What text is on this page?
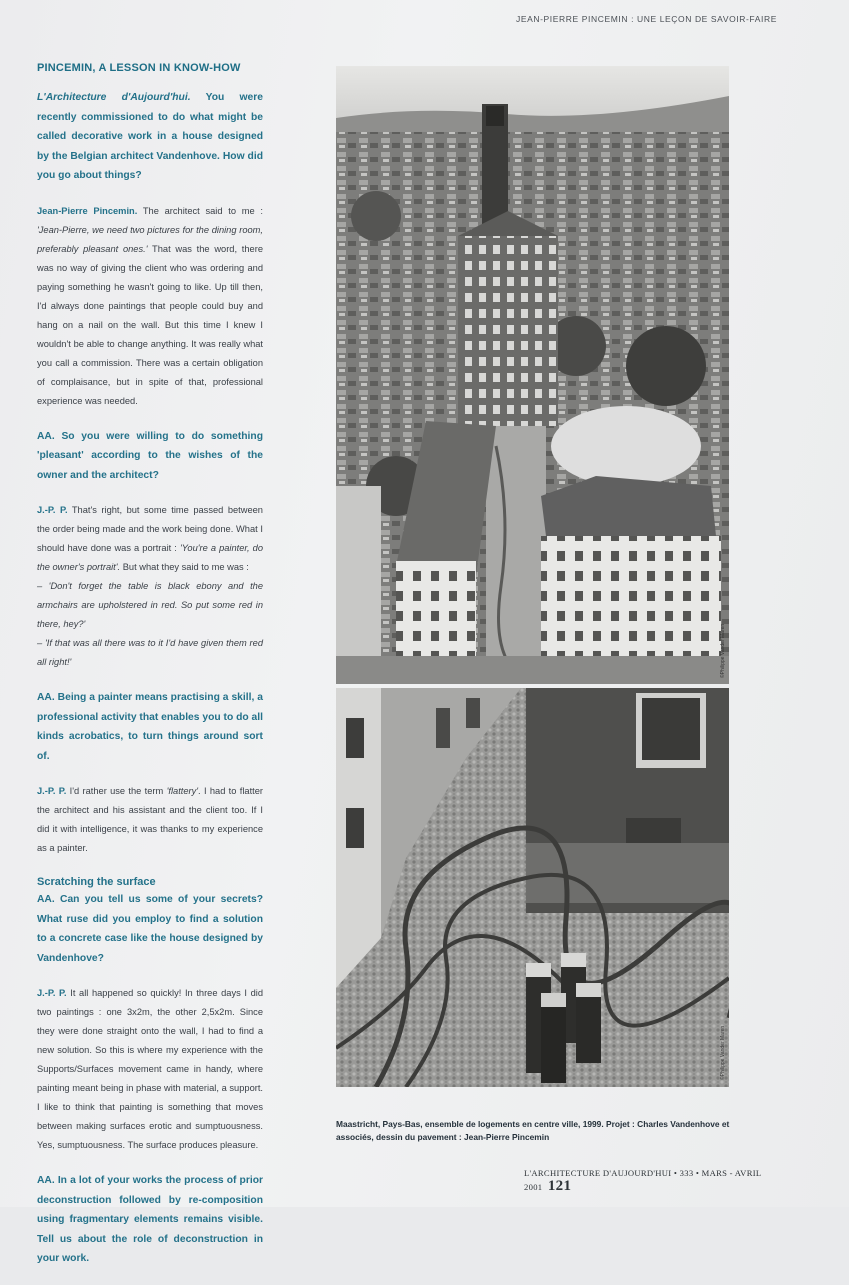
JEAN-PIERRE PINCEMIN : UNE LEÇON DE SAVOIR-FAIRE

PINCEMIN, A LESSON IN KNOW-HOW

L'Architecture d'Aujourd'hui. You were recently commissioned to do what might be called decorative work in a house designed by the Belgian architect Vandenhove. How did you go about things?

Jean-Pierre Pincemin. The architect said to me : 'Jean-Pierre, we need two pictures for the dining room, preferably pleasant ones.' That was the word, there was no way of giving the client who was ordering and paying something he wasn't going to like. Up till then, I'd always done paintings that people could buy and hang on a nail on the wall. But this time I knew I wouldn't be able to change anything. It was really what you call a commission. There was a certain obligation of complaisance, but in spite of that, professional experience was needed.

AA. So you were willing to do something 'pleasant' according to the wishes of the owner and the architect?

J.-P. P. That's right, but some time passed between the order being made and the work being done. What I should have done was a portrait : 'You're a painter, do the owner's portrait'. But what they said to me was :
– 'Don't forget the table is black ebony and the armchairs are upholstered in red. So put some red in there, hey?'
– 'If that was all there was to it I'd have given them red all right!'

AA. Being a painter means practising a skill, a professional activity that enables you to do all kinds acrobatics, to turn things around sort of.

J.-P. P. I'd rather use the term 'flattery'. I had to flatter the architect and his assistant and the client too. If I did it with intelligence, it was thanks to my experience as a painter.

Scratching the surface

AA. Can you tell us some of your secrets? What ruse did you employ to find a solution to a concrete case like the house designed by Vandenhove?

J.-P. P. It all happened so quickly! In three days I did two paintings : one 3x2m, the other 2,5x2m. Since they were done straight onto the wall, I had to find a new solution. So this is where my experience with the Supports/Surfaces movement came in handy, where painting meant being in phase with material, a support. I like to think that painting is something that moves between making surfaces erotic and sumptuousness. Yes, sumptuousness. The surface produces pleasure.

AA. In a lot of your works the process of prior deconstruction followed by re-composition using fragmentary elements remains visible. Tell us about the role of deconstruction in your work.

©Philippe Vander Maren
©Philippe Vander Maren
Maastricht, Pays-Bas, ensemble de logements en centre ville, 1999. Projet : Charles Vandenhove et associés, dessin du pavement : Jean-Pierre Pincemin
L'ARCHITECTURE D'AUJOURD'HUI • 333 • MARS - AVRIL 2001 121
